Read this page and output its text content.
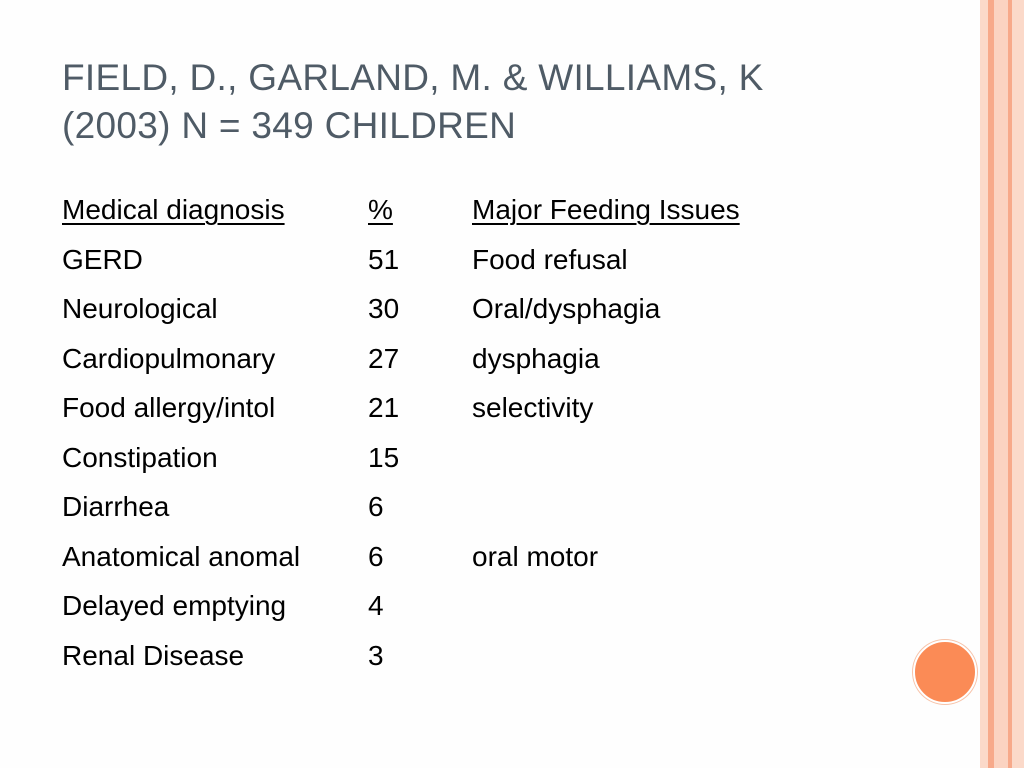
FIELD, D., GARLAND, M. & WILLIAMS, K
(2003) N = 349 CHILDREN
Medical diagnosis	%	Major Feeding Issues
GERD	51	Food refusal
Neurological	30	Oral/dysphagia
Cardiopulmonary	27	dysphagia
Food allergy/intol	21	selectivity
Constipation	15
Diarrhea	6
Anatomical anomal 6	oral motor
Delayed emptying	4
Renal Disease	3
